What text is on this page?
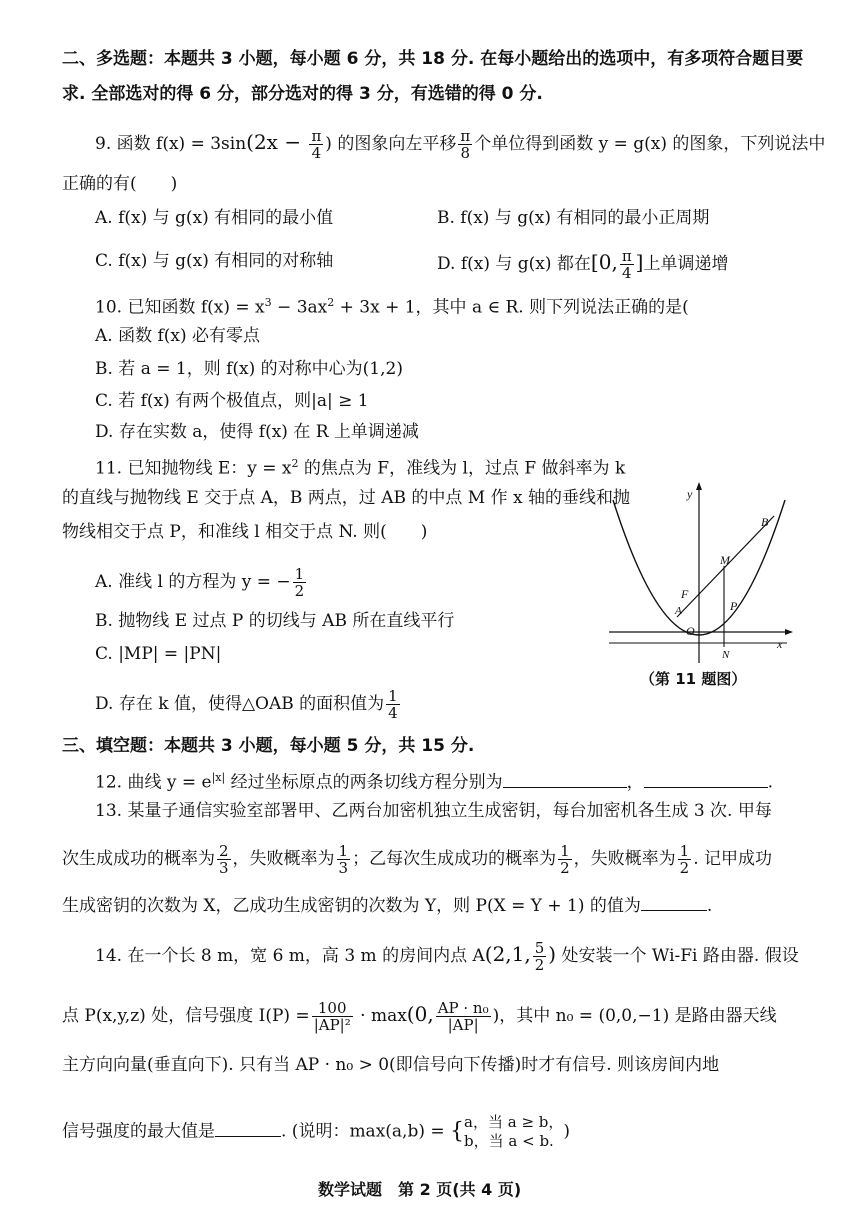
二、多选题：本题共 3 小题，每小题 6 分，共 18 分. 在每小题给出的选项中，有多项符合题目要
求. 全部选对的得 6 分，部分选对的得 3 分，有选错的得 0 分.
9. 函数 $f(x) = 3\sin(2x - \frac{\pi}{4}$ ) 的图象向左平移 $\frac{\pi}{8}$ 个单位得到函数 y = g(x) 的图象，下列说法中
正确的有(　　)
A. f(x) 与 g(x) 有相同的最小值	B. f(x) 与 g(x) 有相同的最小正周期
C. f(x) 与 g(x) 有相同的对称轴	D. f(x) 与 g(x) 都在[0, $\frac{\pi}{4}$ ]上单调递增
10. 已知函数 $f(x) = x^3 - 3ax^2 + 3x + 1$，其中 a ∈ R. 则下列说法正确的是(
A. 函数 f(x) 必有零点
B. 若 a = 1，则 f(x) 的对称中心为(1,2)
C. 若 f(x) 有两个极值点，则|a| ≥ 1
D. 存在实数 a，使得 f(x) 在 R 上单调递减
11. 已知抛物线 E：$y = x^2$ 的焦点为 F，准线为 l，过点 F 做斜率为 k
的直线与抛物线 E 交于点 A，B 两点，过 AB 的中点 M 作 x 轴的垂线和抛
物线相交于点 P，和准线 l 相交于点 N. 则(　　)
A. 准线 l 的方程为 y = − $\frac{1}{2}$
B. 抛物线 E 过点 P 的切线与 AB 所在直线平行
C. |MP| = |PN|
D. 存在 k 值，使得△OAB 的面积值为 $\frac{1}{4}$
y
x
B
M
F
A	P
O
N
（第 11 题图）
三、填空题：本题共 3 小题，每小题 5 分，共 15 分.
12. 曲线 $y = e^{|x|}$ 经过坐标原点的两条切线方程分别为	，	.
13. 某量子通信实验室部署甲、乙两台加密机独立生成密钥，每台加密机各生成 3 次. 甲每
次生成成功的概率为 $\frac{2}{3}$ ，失败概率为 $\frac{1}{3}$ ；乙每次生成成功的概率为 $\frac{1}{2}$ ，失败概率为 $\frac{1}{2}$ . 记甲成功
生成密钥的次数为 X，乙成功生成密钥的次数为 Y，则 P(X = Y + 1) 的值为	.
14. 在一个长 8 m，宽 6 m，高 3 m 的房间内点 A(2,1, $\frac{5}{2}$ ) 处安装一个 Wi-Fi 路由器. 假设
点 P(x,y,z) 处，信号强度 $I(P) = \frac{100}{\text{|AP|²}} \cdot \max(0$, $\frac{\text{AP · n₀}}{|AP|}$ )，其中 n₀ = (0,0,−1) 是路由器天线
主方向向量(垂直向下). 只有当 AP · n₀ > 0(即信号向下传播)时才有信号. 则该房间内地
信号强度的最大值是	. (说明：max(a,b) = { a，当 a ≥ b，
b，当 a < b. )
数学试题　第 2 页(共 4 页)
